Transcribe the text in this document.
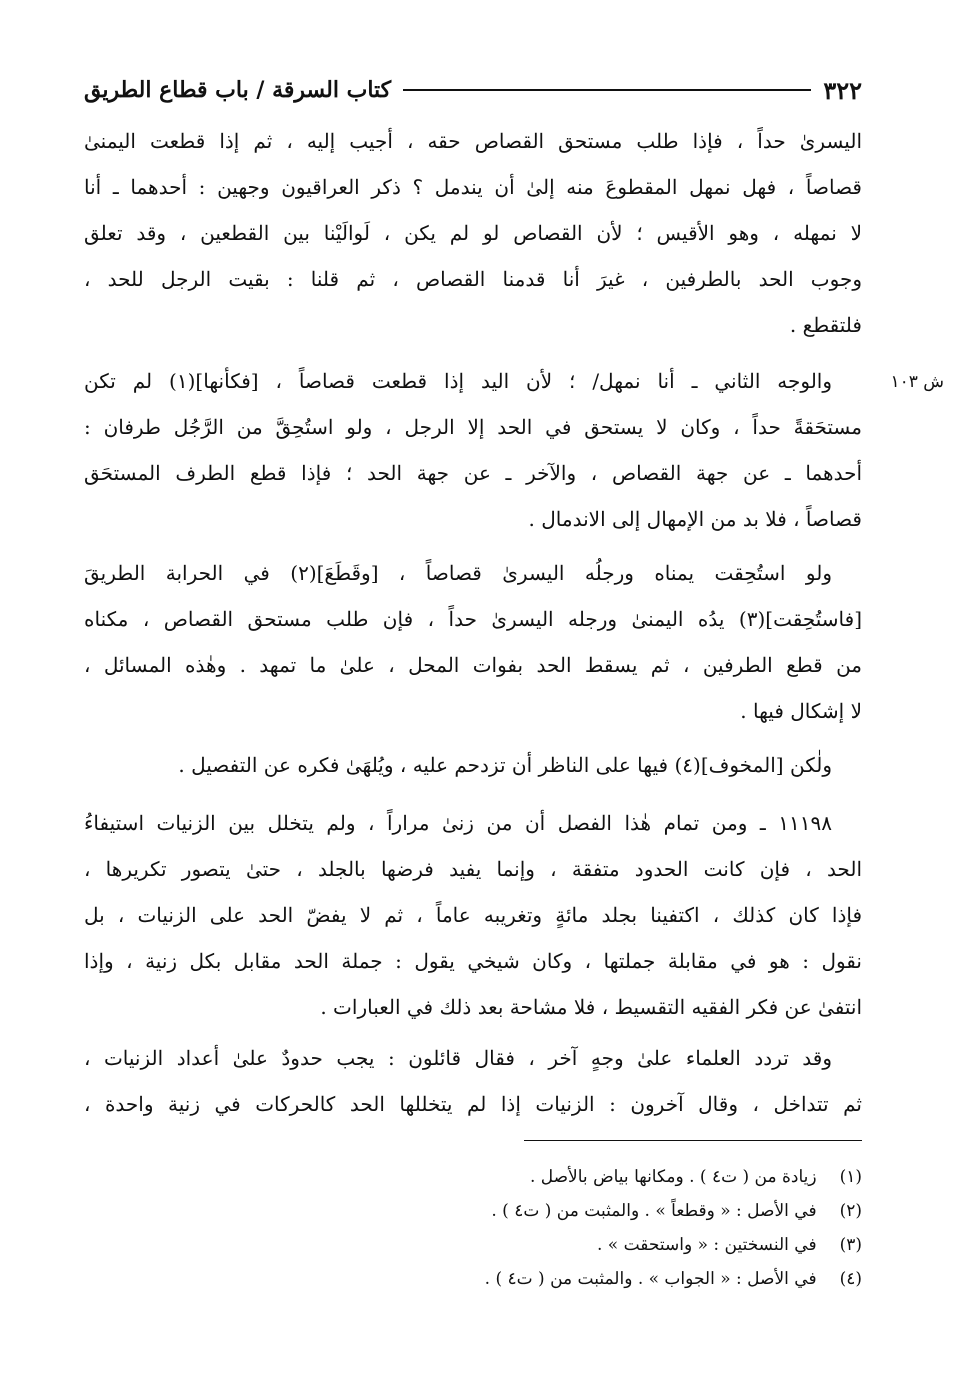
كتاب السرقة / باب قطاع الطريق	٣٢٢
ش ١٠٣
اليسرىٰ حداً ، فإذا طلب مستحق القصاص حقه ، أجيب إليه ، ثم إذا قطعت اليمنىٰ
قصاصاً ، فهل نمهل المقطوعَ منه إلىٰ أن يندمل ؟ ذكر العراقيون وجهين : أحدهما ـ أنا
لا نمهله ، وهو الأقيس ؛ لأن القصاص لو لم يكن ، لَوالَيْنا بين القطعين ، وقد تعلق
وجوب الحد بالطرفين ، غيرَ أنا قدمنا القصاص ، ثم قلنا : بقيت الرجل للحد ،
فلتقطع .
والوجه الثاني ـ أنا نمهل/ ؛ لأن اليد إذا قطعت قصاصاً ، [فكأنها](١) لم تكن
مستحَقةً حداً ، وكان لا يستحق في الحد إلا الرجل ، ولو استُحِقَّ من الرَّجُل طرفان :
أحدهما ـ عن جهة القصاص ، والآخر ـ عن جهة الحد ؛ فإذا قطع الطرف المستحَق
قصاصاً ، فلا بد من الإمهال إلى الاندمال .
ولو استُحِقت يمناه ورجلُه اليسرىٰ قصاصاً ، [وقَطَعَ](٢) في الحرابة الطريقَ
[فاستُحِقت](٣) يدُه اليمنىٰ ورجله اليسرىٰ حداً ، فإن طلب مستحق القصاص ، مكناه
من قطع الطرفين ، ثم يسقط الحد بفوات المحل ، علىٰ ما تمهد . وهٰذه المسائل ،
لا إشكال فيها .
ولٰكن [المخوف](٤) فيها على الناظر أن تزدحم عليه ، ويُلهَىٰ فكره عن التفصيل .
١١١٩٨ ـ ومن تمام هٰذا الفصل أن من زنىٰ مراراً ، ولم يتخلل بين الزنيات استيفاءُ
الحد ، فإن كانت الحدود متفقة ، وإنما يفيد فرضها بالجلد ، حتىٰ يتصور تكريرها ،
فإذا كان كذلك ، اكتفينا بجلد مائةٍ وتغريبه عاماً ، ثم لا يفضّ الحد على الزنيات ، بل
نقول : هو في مقابلة جملتها ، وكان شيخي يقول : جملة الحد مقابل بكل زنية ، وإذا
انتفىٰ عن فكر الفقيه التقسيط ، فلا مشاحة بعد ذلك في العبارات .
وقد تردد العلماء علىٰ وجهٍ آخر ، فقال قائلون : يجب حدودٌ علىٰ أعداد الزنيات ،
ثم تتداخل ، وقال آخرون : الزنيات إذا لم يتخللها الحد كالحركات في زنية واحدة ،
(١) زيادة من ( ت٤ ) . ومكانها بياض بالأصل .
(٢) في الأصل : « وقطعاً » . والمثبت من ( ت٤ ) .
(٣) في النسختين : « واستحقت » .
(٤) في الأصل : « الجواب » . والمثبت من ( ت٤ ) .
